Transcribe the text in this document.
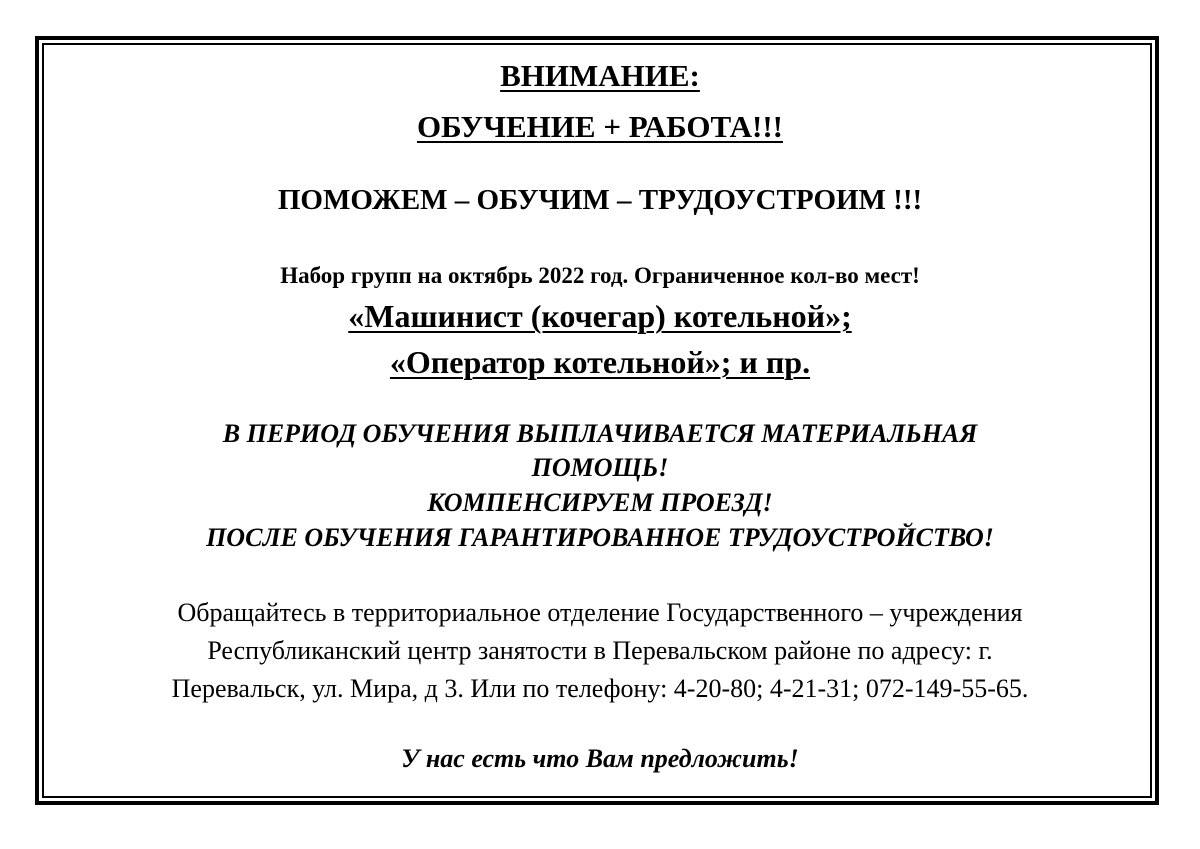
ВНИМАНИЕ:
ОБУЧЕНИЕ + РАБОТА!!!
ПОМОЖЕМ – ОБУЧИМ – ТРУДОУСТРОИМ !!!
Набор групп на октябрь 2022 год. Ограниченное кол-во мест!
«Машинист (кочегар) котельной»;
«Оператор котельной»; и пр.
В ПЕРИОД ОБУЧЕНИЯ ВЫПЛАЧИВАЕТСЯ МАТЕРИАЛЬНАЯ
ПОМОЩЬ!
КОМПЕНСИРУЕМ ПРОЕЗД!
ПОСЛЕ ОБУЧЕНИЯ ГАРАНТИРОВАННОЕ ТРУДОУСТРОЙСТВО!
Обращайтесь в территориальное отделение Государственного – учреждения
Республиканский центр занятости в Перевальском районе по адресу: г.
Перевальск, ул. Мира, д 3. Или по телефону: 4-20-80; 4-21-31; 072-149-55-65.
У нас есть что Вам предложить!
